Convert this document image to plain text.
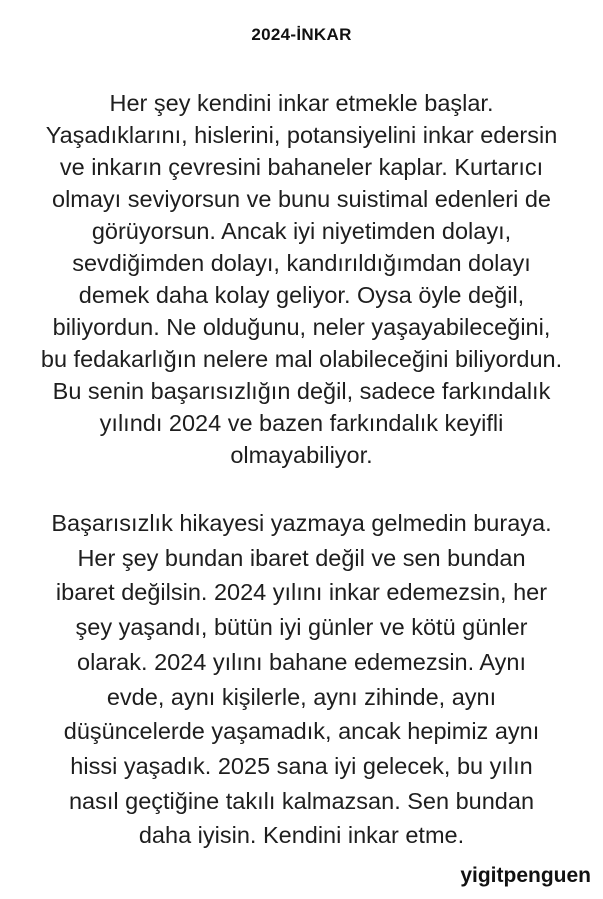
2024-İNKAR
Her şey kendini inkar etmekle başlar.
Yaşadıklarını, hislerini, potansiyelini inkar edersin
ve inkarın çevresini bahaneler kaplar. Kurtarıcı
olmayı seviyorsun ve bunu suistimal edenleri de
görüyorsun. Ancak iyi niyetimden dolayı,
sevdiğimden dolayı, kandırıldığımdan dolayı
demek daha kolay geliyor. Oysa öyle değil,
biliyordun. Ne olduğunu, neler yaşayabileceğini,
bu fedakarlığın nelere mal olabileceğini biliyordun.
Bu senin başarısızlığın değil, sadece farkındalık
yılındı 2024 ve bazen farkındalık keyifli
olmayabiliyor.
Başarısızlık hikayesi yazmaya gelmedin buraya.
Her şey bundan ibaret değil ve sen bundan
ibaret değilsin. 2024 yılını inkar edemezsin, her
şey yaşandı, bütün iyi günler ve kötü günler
olarak. 2024 yılını bahane edemezsin. Aynı
evde, aynı kişilerle, aynı zihinde, aynı
düşüncelerde yaşamadık, ancak hepimiz aynı
hissi yaşadık. 2025 sana iyi gelecek, bu yılın
nasıl geçtiğine takılı kalmazsan. Sen bundan
daha iyisin. Kendini inkar etme.
yigitpenguen
